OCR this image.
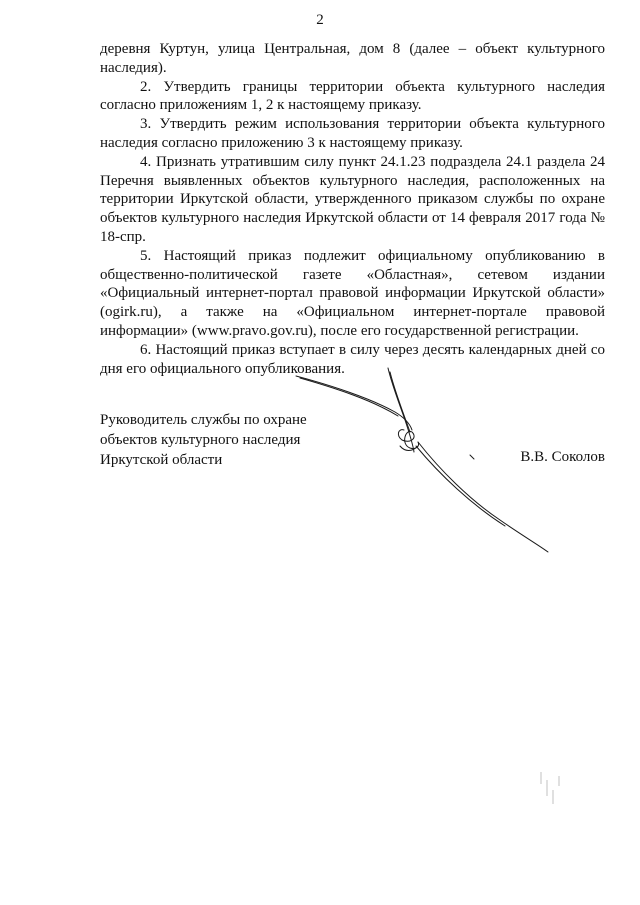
2

деревня Куртун, улица Центральная, дом 8 (далее – объект культурного наследия).

2. Утвердить границы территории объекта культурного наследия согласно приложениям 1, 2 к настоящему приказу.

3. Утвердить режим использования территории объекта культурного наследия согласно приложению 3 к настоящему приказу.

4. Признать утратившим силу пункт 24.1.23 подраздела 24.1 раздела 24 Перечня выявленных объектов культурного наследия, расположенных на территории Иркутской области, утвержденного приказом службы по охране объектов культурного наследия Иркутской области от 14 февраля 2017 года № 18-спр.

5. Настоящий приказ подлежит официальному опубликованию в общественно-политической газете «Областная», сетевом издании «Официальный интернет-портал правовой информации Иркутской области» (ogirk.ru), а также на «Официальном интернет-портале правовой информации» (www.pravo.gov.ru), после его государственной регистрации.

6. Настоящий приказ вступает в силу через десять календарных дней со дня его официального опубликования.

Руководитель службы по охране
объектов культурного наследия
Иркутской области	В.В. Соколов
